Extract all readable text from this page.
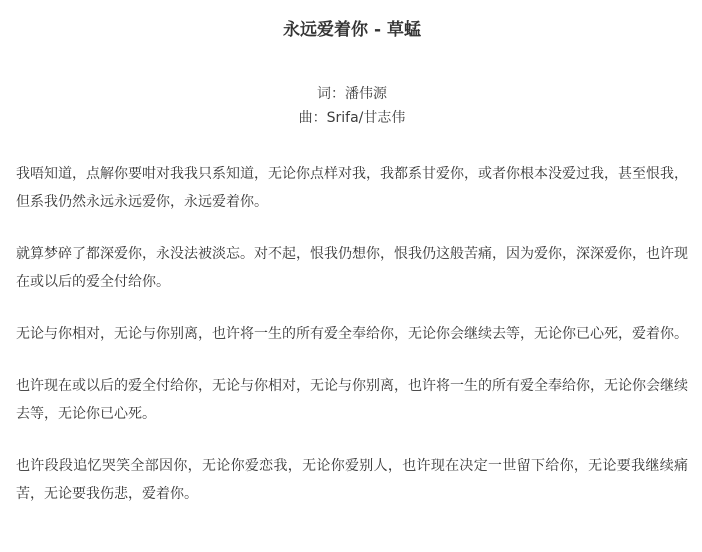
永远爱着你 - 草蜢
词：潘伟源
曲：Srifa/甘志伟

我唔知道，点解你要咁对我我只系知道，无论你点样对我，我都系甘爱你，或者你根本没爱过我，甚至恨我，但系我仍然永远永远爱你，永远爱着你。

就算梦碎了都深爱你，永没法被淡忘。对不起，恨我仍想你，恨我仍这般苦痛，因为爱你，深深爱你，也许现在或以后的爱全付给你。

无论与你相对，无论与你别离，也许将一生的所有爱全奉给你，无论你会继续去等，无论你已心死，爱着你。

也许现在或以后的爱全付给你，无论与你相对，无论与你别离，也许将一生的所有爱全奉给你，无论你会继续去等，无论你已心死。

也许段段追忆哭笑全部因你，无论你爱恋我，无论你爱别人，也许现在决定一世留下给你，无论要我继续痛苦，无论要我伤悲，爱着你。
